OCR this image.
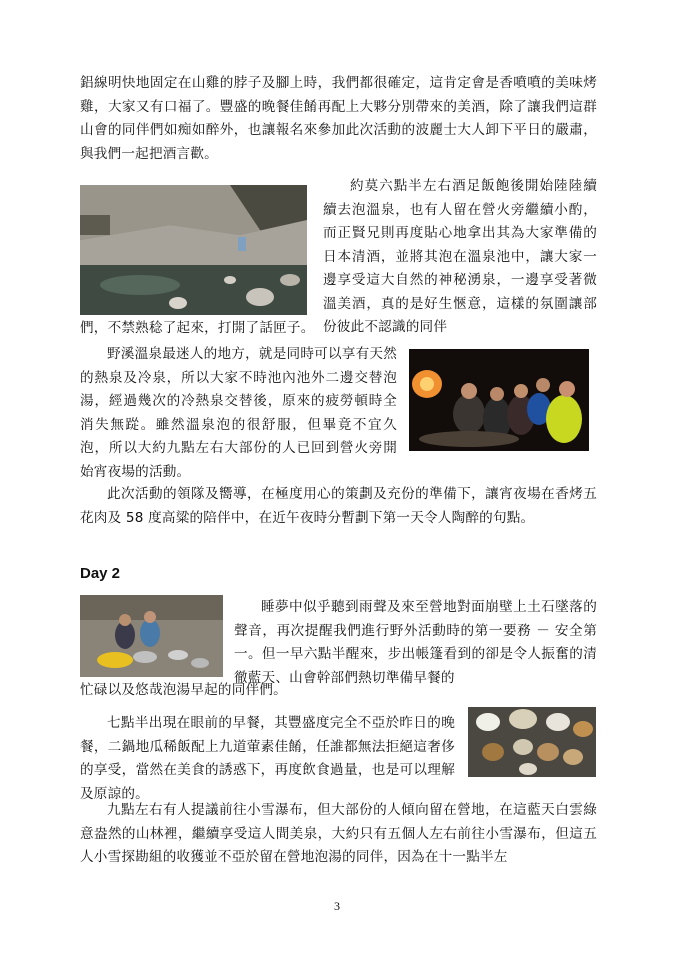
鋁線明快地固定在山雞的脖子及腳上時，我們都很確定，這肯定會是香噴噴的美味烤雞，大家又有口福了。豐盛的晚餐佳餚再配上大夥分別帶來的美酒，除了讓我們這群山會的同伴們如痴如醉外，也讓報名來參加此次活動的波麗士大人卸下平日的嚴肅，與我們一起把酒言歡。

約莫六點半左右酒足飯飽後開始陸陸續續去泡溫泉，也有人留在營火旁繼續小酌，而正賢兄則再度貼心地拿出其為大家準備的日本清酒，並將其泡在溫泉池中，讓大家一邊享受這大自然的神秘湧泉，一邊享受著微溫美酒，真的是好生愜意，這樣的氛圍讓部份彼此不認識的同伴

們，不禁熟稔了起來，打開了話匣子。

野溪溫泉最迷人的地方，就是同時可以享有天然的熱泉及冷泉，所以大家不時池內池外二邊交替泡湯，經過幾次的冷熱泉交替後，原來的疲勞頓時全消失無踨。雖然溫泉泡的很舒服，但畢竟不宜久泡，所以大約九點左右大部份的人已回到營火旁開始宵夜場的活動。

此次活動的領隊及嚮導，在極度用心的策劃及充份的準備下，讓宵夜場在香烤五花肉及 58 度高粱的陪伴中，在近午夜時分暫劃下第一天令人陶醉的句點。

Day 2

睡夢中似乎聽到雨聲及來至營地對面崩壁上土石墜落的聲音，再次提醒我們進行野外活動時的第一要務 － 安全第一。但一早六點半醒來，步出帳篷看到的卻是令人振奮的清徹藍天、山會幹部們熱切準備早餐的

忙碌以及悠哉泡湯早起的同伴們。

七點半出現在眼前的早餐，其豐盛度完全不亞於昨日的晚餐，二鍋地瓜稀飯配上九道葷素佳餚，任誰都無法拒絕這奢侈的享受，當然在美食的誘惑下，再度飲食過量，也是可以理解及原諒的。

九點左右有人提議前往小雪瀑布，但大部份的人傾向留在營地，在這藍天白雲綠意盎然的山林裡，繼續享受這人間美泉，大約只有五個人左右前往小雪瀑布，但這五人小雪探勘組的收獲並不亞於留在營地泡湯的同伴，因為在十一點半左

3
